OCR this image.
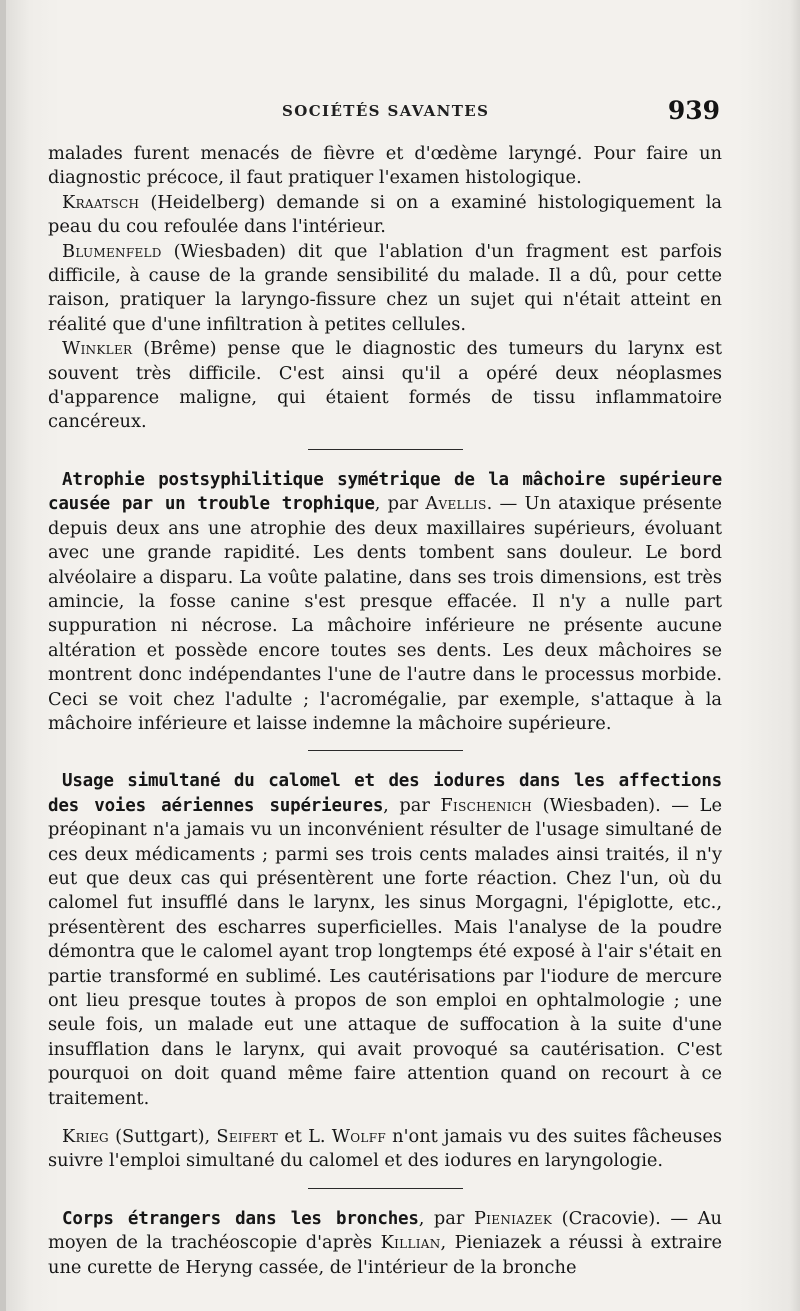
SOCIÉTÉS SAVANTES	939

malades furent menacés de fièvre et d'œdème laryngé. Pour faire un diagnostic précoce, il faut pratiquer l'examen histologique.

Kraatsch (Heidelberg) demande si on a examiné histologiquement la peau du cou refoulée dans l'intérieur.

Blumenfeld (Wiesbaden) dit que l'ablation d'un fragment est parfois difficile, à cause de la grande sensibilité du malade. Il a dû, pour cette raison, pratiquer la laryngo-fissure chez un sujet qui n'était atteint en réalité que d'une infiltration à petites cellules.

Winkler (Brême) pense que le diagnostic des tumeurs du larynx est souvent très difficile. C'est ainsi qu'il a opéré deux néoplasmes d'apparence maligne, qui étaient formés de tissu inflammatoire cancéreux.

Atrophie postsyphilitique symétrique de la mâchoire supérieure causée par un trouble trophique, par Avellis. — Un ataxique présente depuis deux ans une atrophie des deux maxillaires supérieurs, évoluant avec une grande rapidité. Les dents tombent sans douleur. Le bord alvéolaire a disparu. La voûte palatine, dans ses trois dimensions, est très amincie, la fosse canine s'est presque effacée. Il n'y a nulle part suppuration ni nécrose. La mâchoire inférieure ne présente aucune altération et possède encore toutes ses dents. Les deux mâchoires se montrent donc indépendantes l'une de l'autre dans le processus morbide. Ceci se voit chez l'adulte ; l'acromégalie, par exemple, s'attaque à la mâchoire inférieure et laisse indemne la mâchoire supérieure.

Usage simultané du calomel et des iodures dans les affections des voies aériennes supérieures, par Fischenich (Wiesbaden). — Le préopinant n'a jamais vu un inconvénient résulter de l'usage simultané de ces deux médicaments ; parmi ses trois cents malades ainsi traités, il n'y eut que deux cas qui présentèrent une forte réaction. Chez l'un, où du calomel fut insufflé dans le larynx, les sinus Morgagni, l'épiglotte, etc., présentèrent des escharres superficielles. Mais l'analyse de la poudre démontra que le calomel ayant trop longtemps été exposé à l'air s'était en partie transformé en sublimé. Les cautérisations par l'iodure de mercure ont lieu presque toutes à propos de son emploi en ophtalmologie ; une seule fois, un malade eut une attaque de suffocation à la suite d'une insufflation dans le larynx, qui avait provoqué sa cautérisation. C'est pourquoi on doit quand même faire attention quand on recourt à ce traitement.

Krieg (Suttgart), Seifert et L. Wolff n'ont jamais vu des suites fâcheuses suivre l'emploi simultané du calomel et des iodures en laryngologie.

Corps étrangers dans les bronches, par Pieniazek (Cracovie). — Au moyen de la trachéoscopie d'après Killian, Pieniazek a réussi à extraire une curette de Heryng cassée, de l'intérieur de la bronche
